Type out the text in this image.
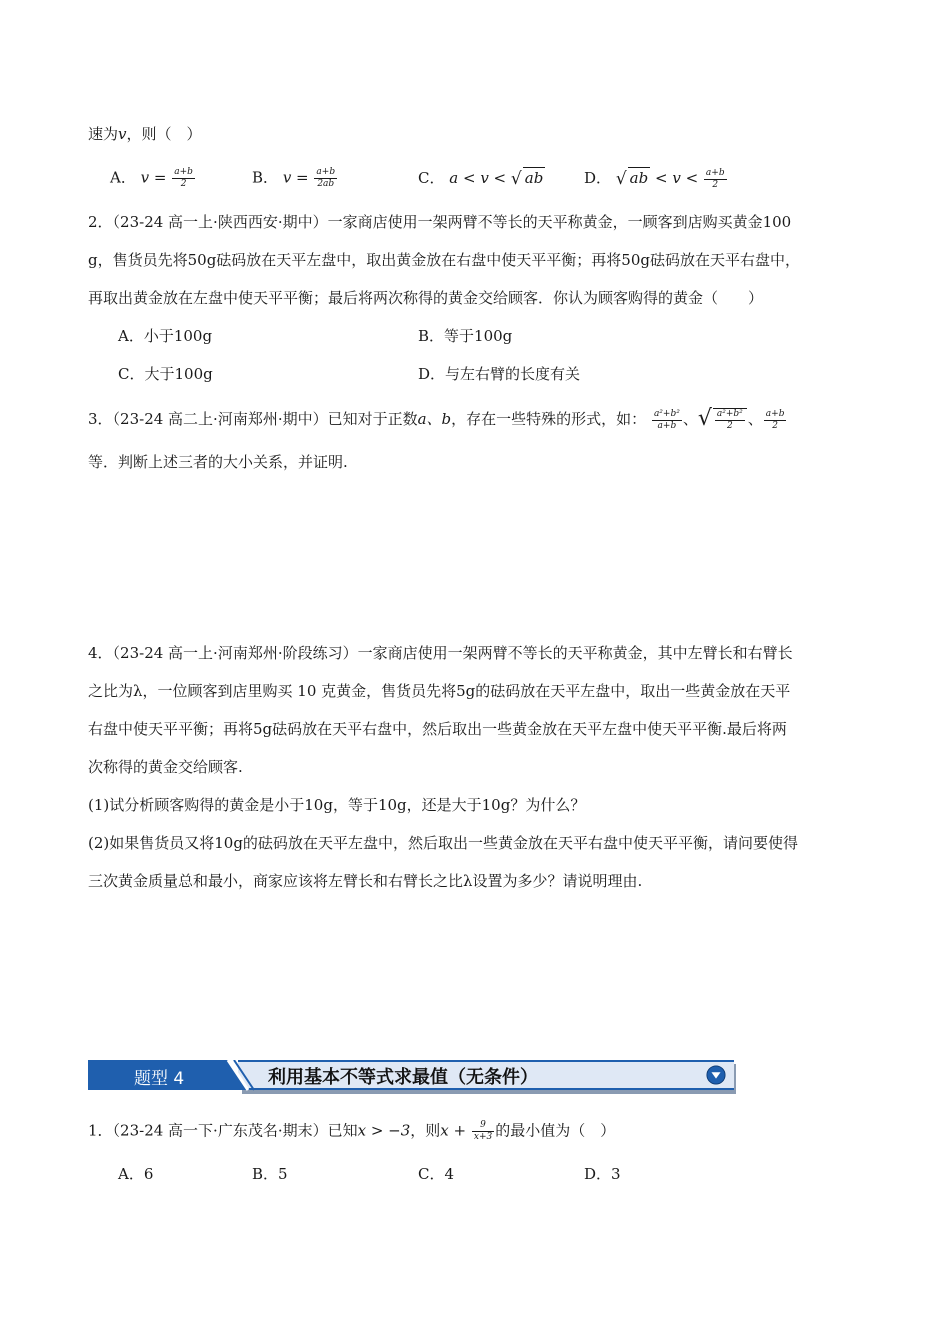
速为v，则（　）
A． $v = \frac{a+b}{2}$	B． $v = \frac{a+b}{2ab}$	C． a < v < √ ab	D． √ ab < $v < \frac{a+b}{2}$
2．（23-24 高一上·陕西西安·期中）一家商店使用一架两臂不等长的天平称黄金，一顾客到店购买黄金100
g，售货员先将50g砝码放在天平左盘中，取出黄金放在右盘中使天平平衡；再将50g砝码放在天平右盘中，
再取出黄金放在左盘中使天平平衡；最后将两次称得的黄金交给顾客．你认为顾客购得的黄金（　　）
A．小于100g	B．等于100g
C．大于100g	D．与左右臂的长度有关
3．（23-24 高二上·河南郑州·期中）已知对于正数a、b，存在一些特殊的形式，如： $\frac{\text{a²+b²}}{a+b}$ 、√ $\frac{\text{a²+b²}}{2}$ 、 $\frac{a+b}{2}$
等．判断上述三者的大小关系，并证明.
4．（23-24 高一上·河南郑州·阶段练习）一家商店使用一架两臂不等长的天平称黄金，其中左臂长和右臂长
之比为λ，一位顾客到店里购买 10 克黄金，售货员先将5g的砝码放在天平左盘中，取出一些黄金放在天平
右盘中使天平平衡；再将5g砝码放在天平右盘中，然后取出一些黄金放在天平左盘中使天平平衡.最后将两
次称得的黄金交给顾客.
(1)试分析顾客购得的黄金是小于10g，等于10g，还是大于10g？为什么？
(2)如果售货员又将10g的砝码放在天平左盘中，然后取出一些黄金放在天平右盘中使天平平衡，请问要使得
三次黄金质量总和最小，商家应该将左臂长和右臂长之比λ设置为多少？请说明理由.
题型 4	利用基本不等式求最值（无条件）
1．（23-24 高一下·广东茂名·期末）已知x > −3，则$x + \frac{9}{x+3}$ 的最小值为（　）
A．6	B．5	C．4	D．3
